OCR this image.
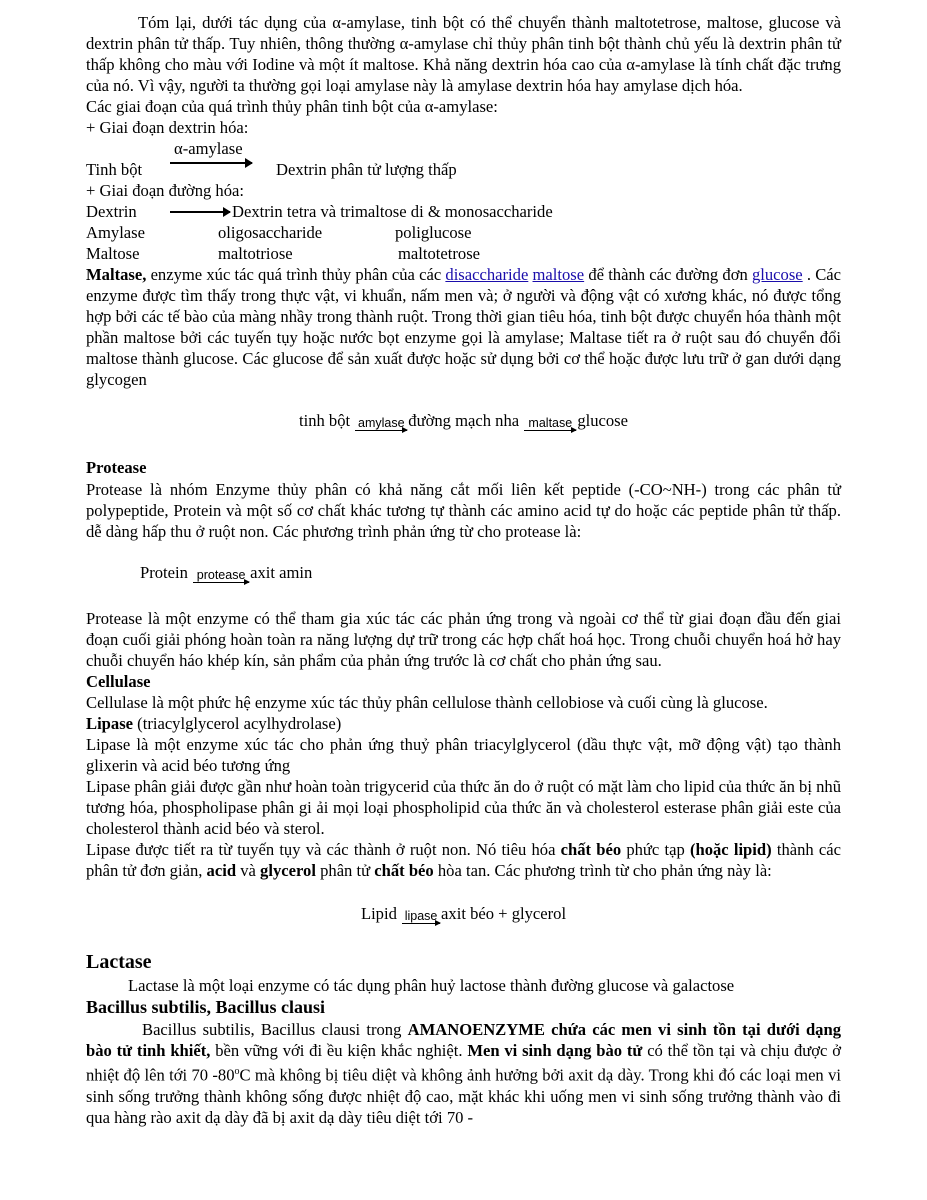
Tóm lại, dưới tác dụng của α-amylase, tinh bột có thể chuyển thành maltotetrose, maltose, glucose và dextrin phân tử thấp. Tuy nhiên, thông thường α-amylase chỉ thủy phân tinh bột thành chủ yếu là dextrin phân tử thấp không cho màu với Iodine và một ít maltose. Khả năng dextrin hóa cao của α-amylase là tính chất đặc trưng của nó. Vì vậy, người ta thường gọi loại amylase này là amylase dextrin hóa hay amylase dịch hóa.

Các giai đoạn của quá trình thủy phân tinh bột của α-amylase:

+ Giai đoạn dextrin hóa:

α-amylase
Tinh bột	Dextrin phân tử lượng thấp

+ Giai đoạn đường hóa:

Dextrin	Dextrin tetra và trimaltose di & monosaccharide
Amylase	oligosaccharide	poliglucose
Maltose	maltotriose	maltotetrose

Maltase, enzyme xúc tác quá trình thủy phân của các disaccharide maltose để thành các đường đơn glucose . Các enzyme được tìm thấy trong thực vật, vi khuẩn, nấm men và; ở người và động vật có xương khác, nó được tổng hợp bởi các tế bào của màng nhầy trong thành ruột. Trong thời gian tiêu hóa, tinh bột được chuyển hóa thành một phần maltose bởi các tuyến tụy hoặc nước bọt enzyme gọi là amylase; Maltase tiết ra ở ruột sau đó chuyển đổi maltose thành glucose. Các glucose để sản xuất được hoặc sử dụng bởi cơ thể hoặc được lưu trữ ở gan dưới dạng glycogen

tinh bột amylase đường mạch nha maltase glucose
Protease

Protease là nhóm Enzyme thủy phân có khả năng cắt mối liên kết peptide (-CO~NH-) trong các phân tử polypeptide, Protein và một số cơ chất khác tương tự thành các amino acid tự do hoặc các peptide phân tử thấp. dễ dàng hấp thu ở ruột non. Các phương trình phản ứng từ cho protease là:

Protein protease axit amin

Protease là một enzyme có thể tham gia xúc tác các phản ứng trong và ngoài cơ thể từ giai đoạn đầu đến giai đoạn cuối giải phóng hoàn toàn ra năng lượng dự trữ trong các hợp chất hoá học. Trong chuỗi chuyển hoá hở hay chuỗi chuyển háo khép kín, sản phẩm của phản ứng trước là cơ chất cho phản ứng sau.

Cellulase

Cellulase là một phức hệ enzyme xúc tác thủy phân cellulose thành cellobiose và cuối cùng là glucose.

Lipase (triacylglycerol acylhydrolase)

Lipase là một enzyme xúc tác cho phản ứng thuỷ phân triacylglycerol (dầu thực vật, mỡ động vật) tạo thành glixerin và acid béo tương ứng

Lipase phân giải được gần như hoàn toàn trigycerid của thức ăn do ở ruột có mặt làm cho lipid của thức ăn bị nhũ tương hóa, phospholipase phân gi ải mọi loại phospholipid của thức ăn và cholesterol esterase phân giải este của cholesterol thành acid béo và sterol.

Lipase được tiết ra từ tuyến tụy và các thành ở ruột non. Nó tiêu hóa chất béo phức tạp (hoặc lipid) thành các phân tử đơn giản, acid và glycerol phân tử chất béo hòa tan. Các phương trình từ cho phản ứng này là:

Lipid lipase axit béo + glycerol
Lactase

Lactase là một loại enzyme có tác dụng phân huỷ lactose thành đường glucose và galactose

Bacillus subtilis, Bacillus clausi

Bacillus subtilis, Bacillus clausi trong AMANOENZYME chứa các men vi sinh tồn tại dưới dạng bào tử tinh khiết, bền vững với đi ều kiện khắc nghiệt. Men vi sinh dạng bào tử có thể tồn tại và chịu được ở nhiệt độ lên tới 70 -80$^o$C mà không bị tiêu diệt và không ảnh hưởng bởi axit dạ dày. Trong khi đó các loại men vi sinh sống trưởng thành không sống được nhiệt độ cao, mặt khác khi uống men vi sinh sống trưởng thành vào đi qua hàng rào axit dạ dày đã bị axit dạ dày tiêu diệt tới 70 -
